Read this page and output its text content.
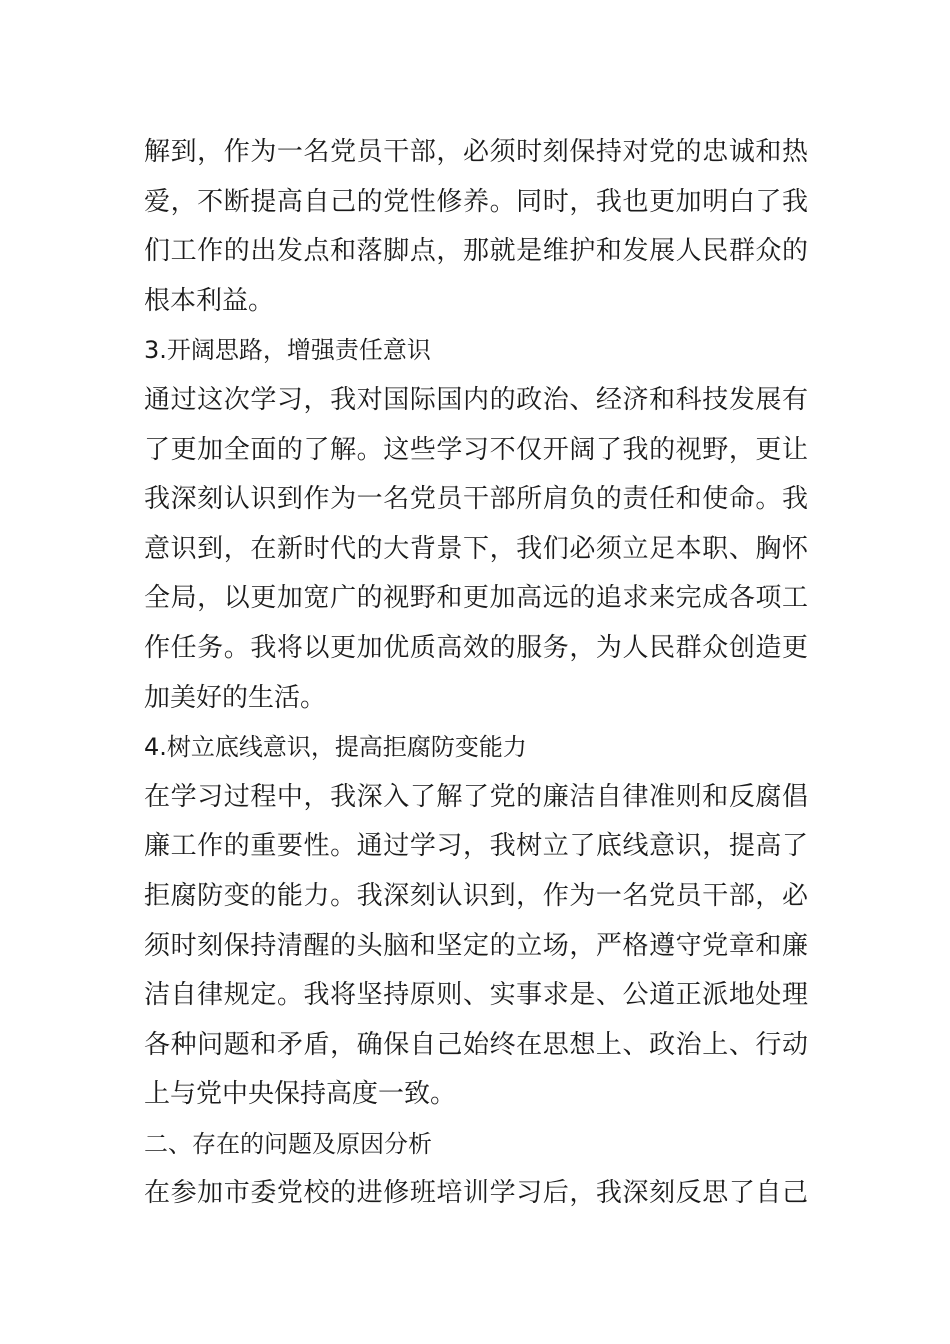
解到，作为一名党员干部，必须时刻保持对党的忠诚和热
爱，不断提高自己的党性修养。同时，我也更加明白了我
们工作的出发点和落脚点，那就是维护和发展人民群众的
根本利益。
3.开阔思路，增强责任意识
通过这次学习，我对国际国内的政治、经济和科技发展有
了更加全面的了解。这些学习不仅开阔了我的视野，更让
我深刻认识到作为一名党员干部所肩负的责任和使命。我
意识到，在新时代的大背景下，我们必须立足本职、胸怀
全局，以更加宽广的视野和更加高远的追求来完成各项工
作任务。我将以更加优质高效的服务，为人民群众创造更
加美好的生活。
4.树立底线意识，提高拒腐防变能力
在学习过程中，我深入了解了党的廉洁自律准则和反腐倡
廉工作的重要性。通过学习，我树立了底线意识，提高了
拒腐防变的能力。我深刻认识到，作为一名党员干部，必
须时刻保持清醒的头脑和坚定的立场，严格遵守党章和廉
洁自律规定。我将坚持原则、实事求是、公道正派地处理
各种问题和矛盾，确保自己始终在思想上、政治上、行动
上与党中央保持高度一致。
二、存在的问题及原因分析
在参加市委党校的进修班培训学习后，我深刻反思了自己
